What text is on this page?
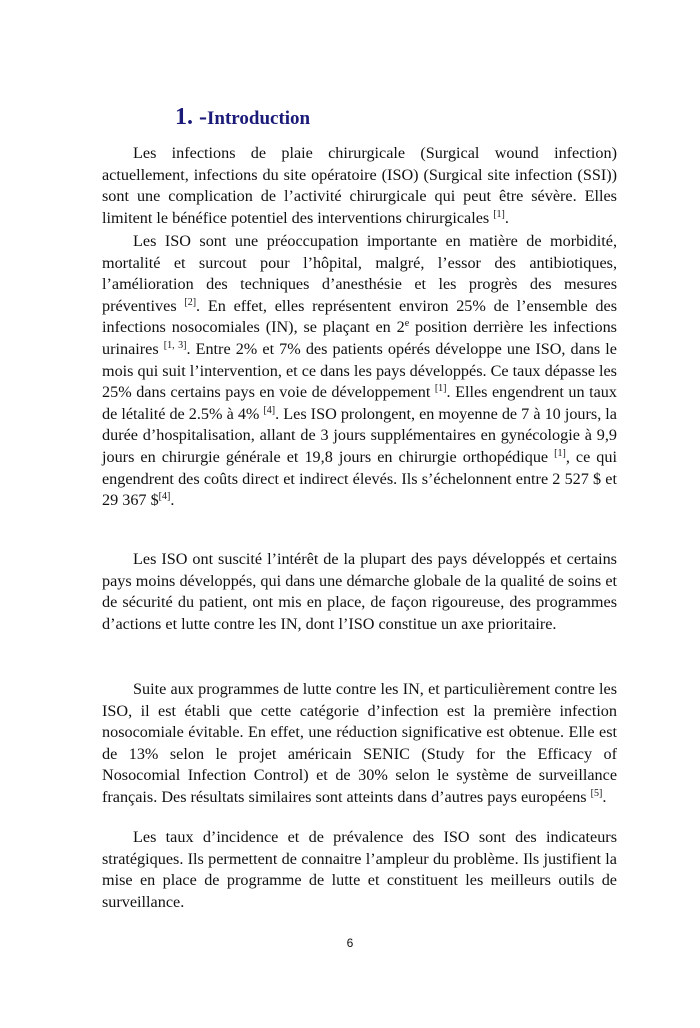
1. -Introduction

Les infections de plaie chirurgicale (Surgical wound infection) actuellement, infections du site opératoire (ISO) (Surgical site infection (SSI)) sont une complication de l’activité chirurgicale qui peut être sévère. Elles limitent le bénéfice potentiel des interventions chirurgicales [1].

Les ISO sont une préoccupation importante en matière de morbidité, mortalité et surcout pour l’hôpital, malgré, l’essor des antibiotiques, l’amélioration des techniques d’anesthésie et les progrès des mesures préventives [2]. En effet, elles représentent environ 25% de l’ensemble des infections nosocomiales (IN), se plaçant en 2e position derrière les infections urinaires [1, 3]. Entre 2% et 7% des patients opérés développe une ISO, dans le mois qui suit l’intervention, et ce dans les pays développés. Ce taux dépasse les 25% dans certains pays en voie de développement [1]. Elles engendrent un taux de létalité de 2.5% à 4% [4]. Les ISO prolongent, en moyenne de 7 à 10 jours, la durée d’hospitalisation, allant de 3 jours supplémentaires en gynécologie à 9,9 jours en chirurgie générale et 19,8 jours en chirurgie orthopédique [1], ce qui engendrent des coûts direct et indirect élevés. Ils s’échelonnent entre 2 527 $ et 29 367 $[4].

Les ISO ont suscité l’intérêt de la plupart des pays développés et certains pays moins développés, qui dans une démarche globale de la qualité de soins et de sécurité du patient, ont mis en place, de façon rigoureuse, des programmes d’actions et lutte contre les IN, dont l’ISO constitue un axe prioritaire.

Suite aux programmes de lutte contre les IN, et particulièrement contre les ISO, il est établi que cette catégorie d’infection est la première infection nosocomiale évitable. En effet, une réduction significative est obtenue. Elle est de 13% selon le projet américain SENIC (Study for the Efficacy of Nosocomial Infection Control) et de 30% selon le système de surveillance français. Des résultats similaires sont atteints dans d’autres pays européens [5].

Les taux d’incidence et de prévalence des ISO sont des indicateurs stratégiques. Ils permettent de connaitre l’ampleur du problème. Ils justifient la mise en place de programme de lutte et constituent les meilleurs outils de surveillance.

6
